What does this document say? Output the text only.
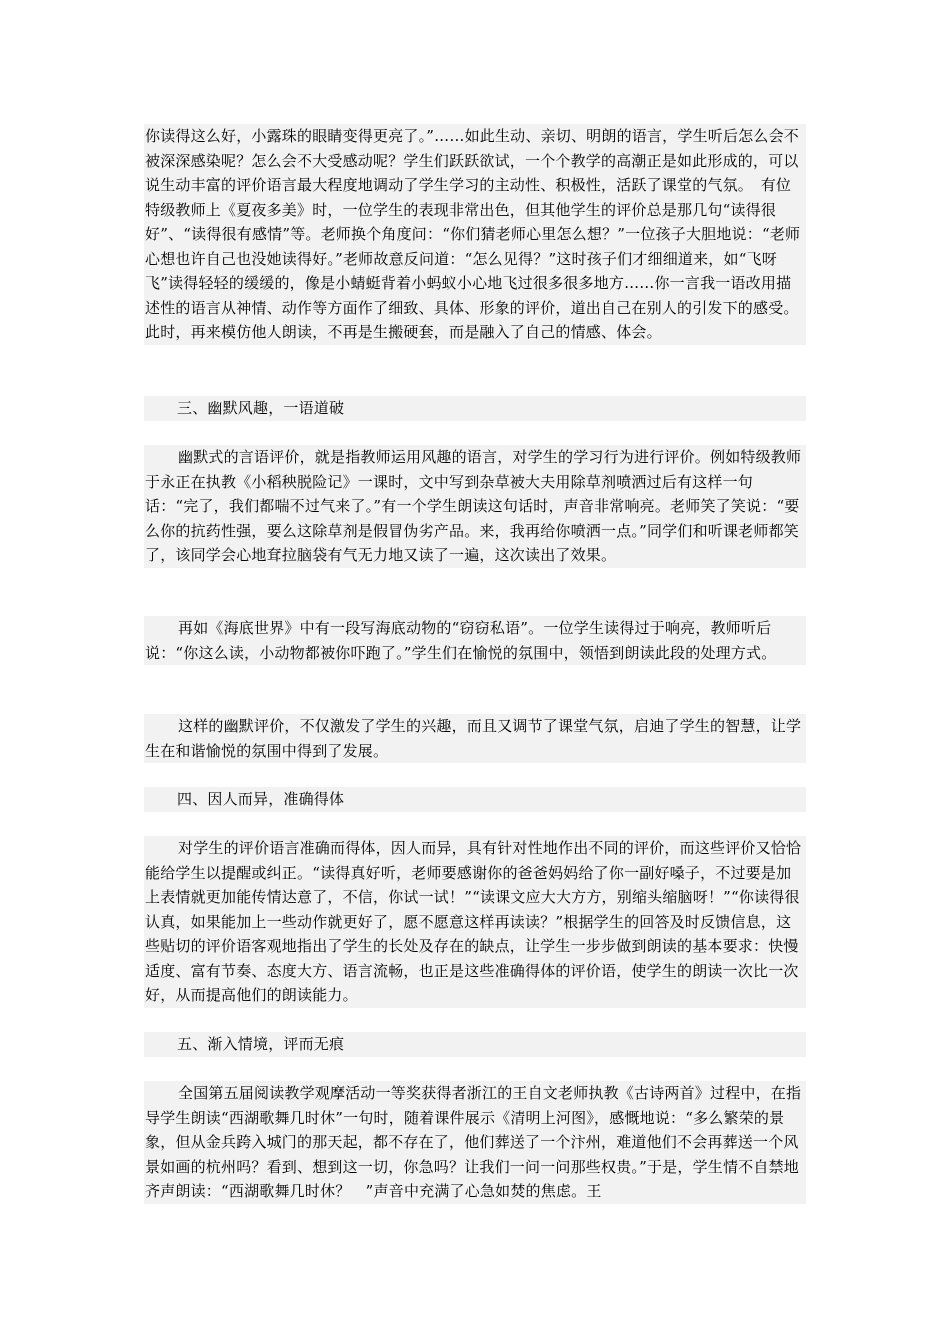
你读得这么好，小露珠的眼睛变得更亮了。”……如此生动、亲切、明朗的语言，学生听后怎么会不被深深感染呢？怎么会不大受感动呢？学生们跃跃欲试，一个个教学的高潮正是如此形成的，可以说生动丰富的评价语言最大程度地调动了学生学习的主动性、积极性，活跃了课堂的气氛。　有位特级教师上《夏夜多美》时，一位学生的表现非常出色，但其他学生的评价总是那几句“读得很好”、“读得很有感情”等。老师换个角度问：“你们猜老师心里怎么想？”一位孩子大胆地说：“老师心想也许自己也没她读得好。”老师故意反问道：“怎么见得？”这时孩子们才细细道来，如“飞呀飞”读得轻轻的缓缓的，像是小蜻蜓背着小蚂蚁小心地飞过很多很多地方……你一言我一语改用描述性的语言从神情、动作等方面作了细致、具体、形象的评价，道出自己在别人的引发下的感受。此时，再来模仿他人朗读，不再是生搬硬套，而是融入了自己的情感、体会。
三、幽默风趣，一语道破
幽默式的言语评价，就是指教师运用风趣的语言，对学生的学习行为进行评价。例如特级教师于永正在执教《小稻秧脱险记》一课时，文中写到杂草被大夫用除草剂喷洒过后有这样一句话：“完了，我们都喘不过气来了。”有一个学生朗读这句话时，声音非常响亮。老师笑了笑说：“要么你的抗药性强，要么这除草剂是假冒伪劣产品。来，我再给你喷洒一点。”同学们和听课老师都笑了，该同学会心地耷拉脑袋有气无力地又读了一遍，这次读出了效果。
再如《海底世界》中有一段写海底动物的“窃窃私语”。一位学生读得过于响亮，教师听后说：“你这么读，小动物都被你吓跑了。”学生们在愉悦的氛围中，领悟到朗读此段的处理方式。
这样的幽默评价，不仅激发了学生的兴趣，而且又调节了课堂气氛，启迪了学生的智慧，让学生在和谐愉悦的氛围中得到了发展。
四、因人而异，准确得体
对学生的评价语言准确而得体，因人而异，具有针对性地作出不同的评价，而这些评价又恰恰能给学生以提醒或纠正。“读得真好听，老师要感谢你的爸爸妈妈给了你一副好嗓子，不过要是加上表情就更加能传情达意了，不信，你试一试！”“读课文应大大方方，别缩头缩脑呀！”“你读得很认真，如果能加上一些动作就更好了，愿不愿意这样再读读？”根据学生的回答及时反馈信息，这些贴切的评价语客观地指出了学生的长处及存在的缺点，让学生一步步做到朗读的基本要求：快慢适度、富有节奏、态度大方、语言流畅，也正是这些准确得体的评价语，使学生的朗读一次比一次好，从而提高他们的朗读能力。
五、渐入情境，评而无痕
全国第五届阅读教学观摩活动一等奖获得者浙江的王自文老师执教《古诗两首》过程中，在指导学生朗读“西湖歌舞几时休”一句时，随着课件展示《清明上河图》，感慨地说：“多么繁荣的景象，但从金兵跨入城门的那天起，都不存在了，他们葬送了一个汴州，难道他们不会再葬送一个风景如画的杭州吗？看到、想到这一切，你急吗？让我们一问一问那些权贵。”于是，学生情不自禁地齐声朗读：“西湖歌舞几时休？　”声音中充满了心急如焚的焦虑。王
